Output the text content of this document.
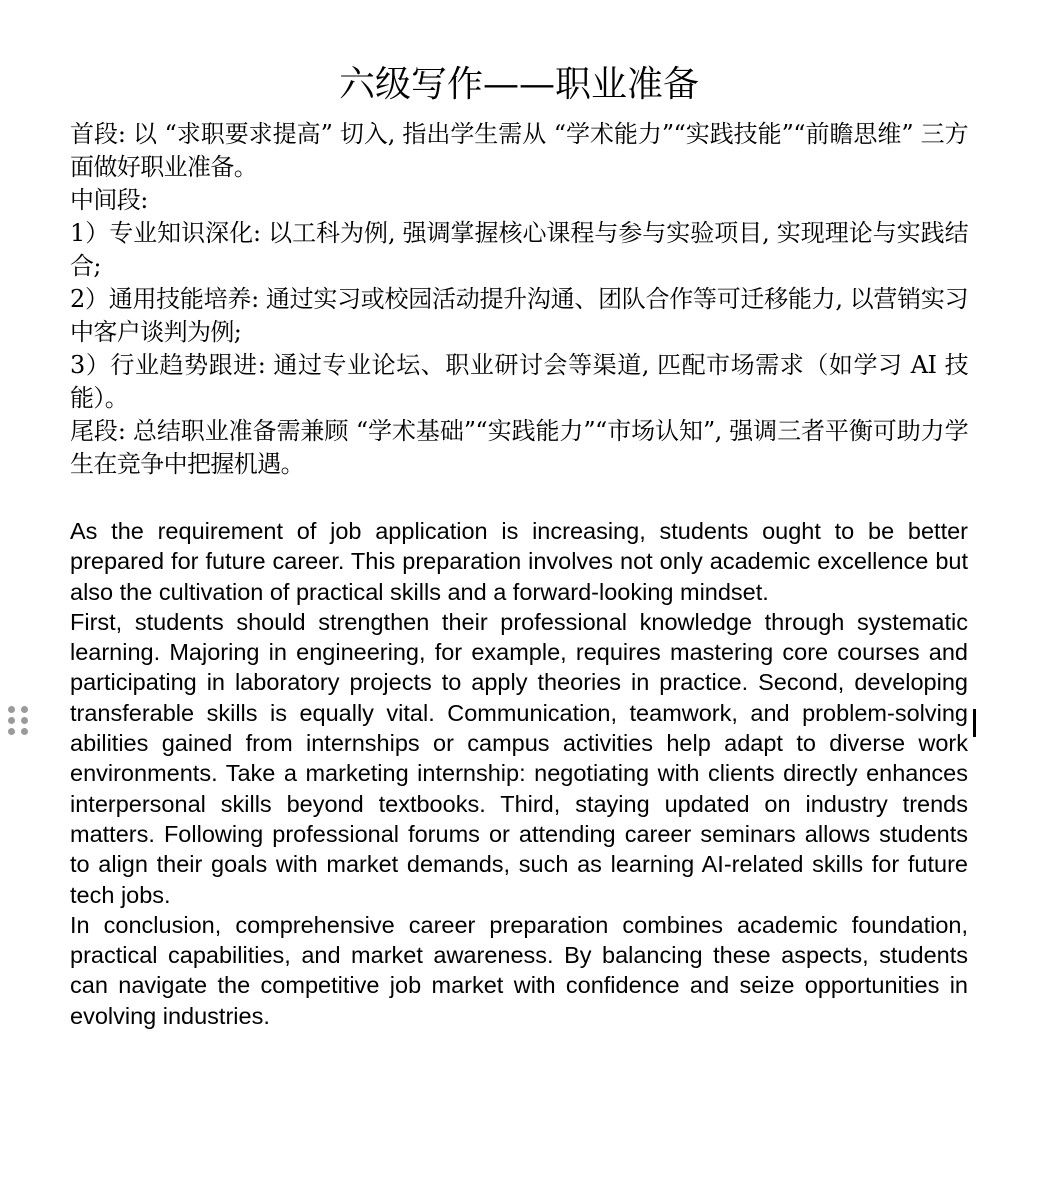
六级写作——职业准备

首段: 以 “求职要求提高” 切入, 指出学生需从 “学术能力”“实践技能”“前瞻思维” 三方面做好职业准备。

中间段:

1）专业知识深化: 以工科为例, 强调掌握核心课程与参与实验项目, 实现理论与实践结合;

2）通用技能培养: 通过实习或校园活动提升沟通、团队合作等可迁移能力, 以营销实习中客户谈判为例;

3）行业趋势跟进: 通过专业论坛、职业研讨会等渠道, 匹配市场需求（如学习 AI 技能）。

尾段: 总结职业准备需兼顾 “学术基础”“实践能力”“市场认知”, 强调三者平衡可助力学生在竞争中把握机遇。

As the requirement of job application is increasing, students ought to be better prepared for future career. This preparation involves not only academic excellence but also the cultivation of practical skills and a forward-looking mindset.

First, students should strengthen their professional knowledge through systematic learning. Majoring in engineering, for example, requires mastering core courses and participating in laboratory projects to apply theories in practice. Second, developing transferable skills is equally vital. Communication, teamwork, and problem-solving abilities gained from internships or campus activities help adapt to diverse work environments. Take a marketing internship: negotiating with clients directly enhances interpersonal skills beyond textbooks. Third, staying updated on industry trends matters. Following professional forums or attending career seminars allows students to align their goals with market demands, such as learning AI-related skills for future tech jobs.

In conclusion, comprehensive career preparation combines academic foundation, practical capabilities, and market awareness. By balancing these aspects, students can navigate the competitive job market with confidence and seize opportunities in evolving industries.
